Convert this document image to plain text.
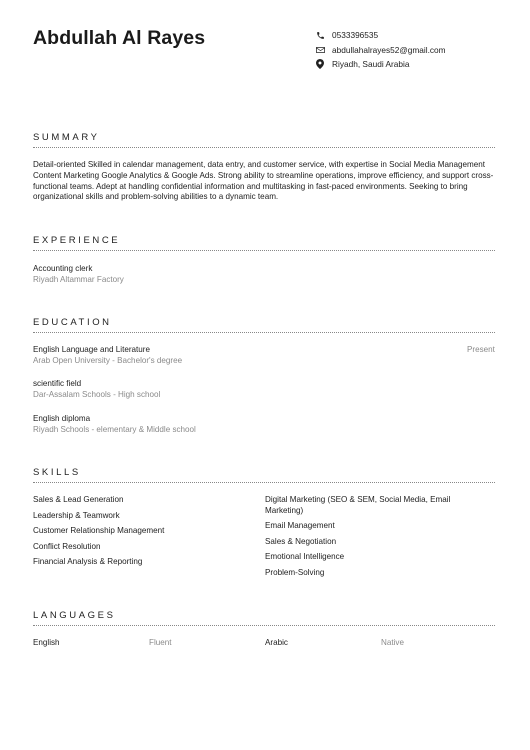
Abdullah Al Rayes	0533396535
abdullahalrayes52@gmail.com
Riyadh, Saudi Arabia
SUMMARY
Detail-oriented Skilled in calendar management, data entry, and customer service, with expertise in Social Media Management Content Marketing Google Analytics & Google Ads. Strong ability to streamline operations, improve efficiency, and support cross-functional teams. Adept at handling confidential information and multitasking in fast-paced environments. Seeking to bring organizational skills and problem-solving abilities to a dynamic team.
EXPERIENCE
Accounting clerk
Riyadh Altammar Factory
EDUCATION
English Language and Literature
Arab Open University - Bachelor's degree
Present
scientific field
Dar-Assalam Schools - High school
English diploma
Riyadh Schools - elementary & Middle school
SKILLS
Sales & Lead Generation
Leadership & Teamwork
Customer Relationship Management
Conflict Resolution
Financial Analysis & Reporting
Digital Marketing (SEO & SEM, Social Media, Email Marketing)
Email Management
Sales & Negotiation
Emotional Intelligence
Problem-Solving
LANGUAGES
English	Fluent	Arabic	Native
